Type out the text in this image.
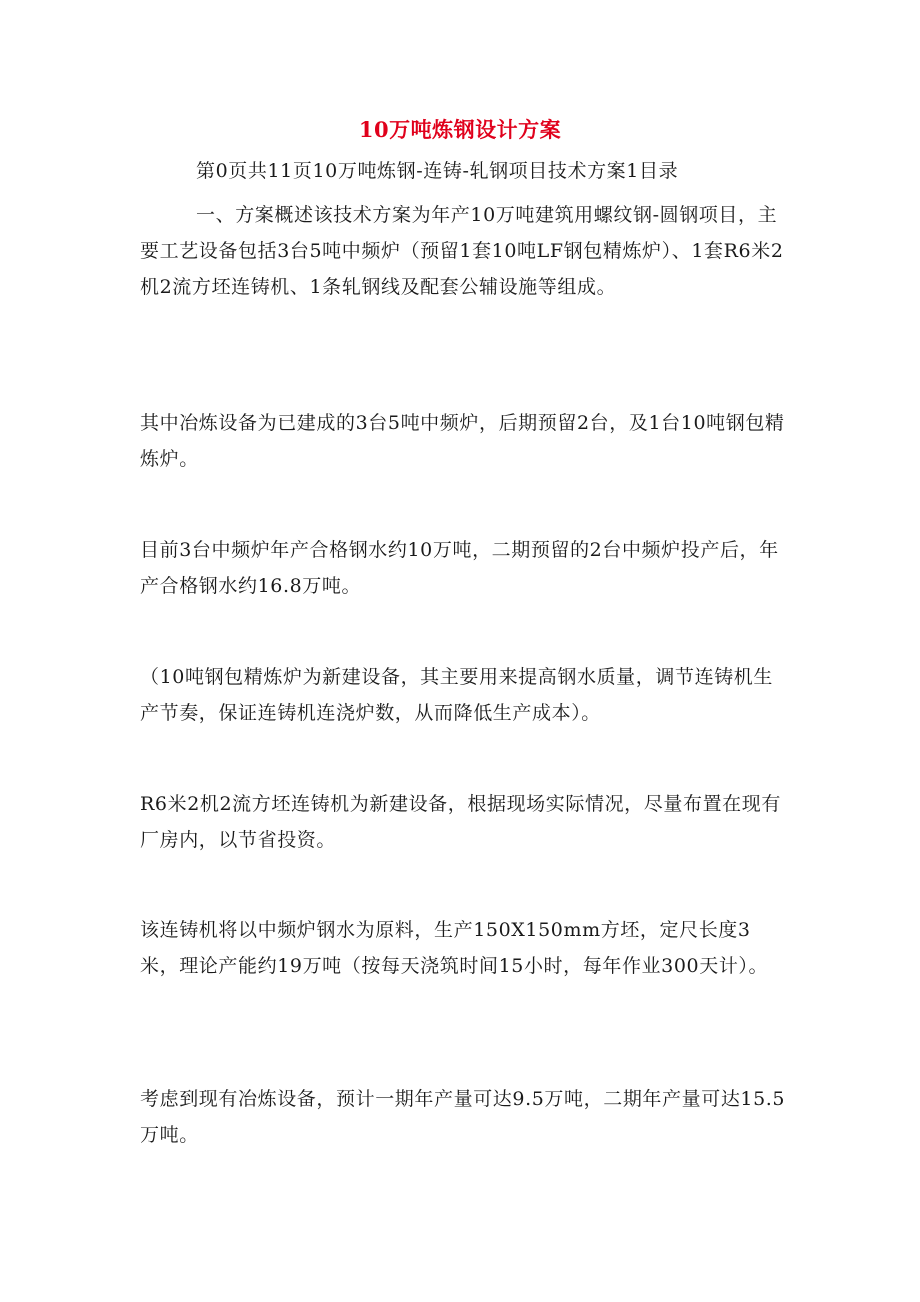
10万吨炼钢设计方案

第0页共11页10万吨炼钢-连铸-轧钢项目技术方案1目录

一、方案概述该技术方案为年产10万吨建筑用螺纹钢-圆钢项目，主要工艺设备包括3台5吨中频炉（预留1套10吨LF钢包精炼炉）、1套R6米2机2流方坯连铸机、1条轧钢线及配套公辅设施等组成。

其中冶炼设备为已建成的3台5吨中频炉，后期预留2台，及1台10吨钢包精炼炉。

目前3台中频炉年产合格钢水约10万吨，二期预留的2台中频炉投产后，年产合格钢水约16.8万吨。

（10吨钢包精炼炉为新建设备，其主要用来提高钢水质量，调节连铸机生产节奏，保证连铸机连浇炉数，从而降低生产成本）。

R6米2机2流方坯连铸机为新建设备，根据现场实际情况，尽量布置在现有厂房内，以节省投资。

该连铸机将以中频炉钢水为原料，生产150X150mm方坯，定尺长度3米，理论产能约19万吨（按每天浇筑时间15小时，每年作业300天计）。

考虑到现有冶炼设备，预计一期年产量可达9.5万吨，二期年产量可达15.5万吨。
